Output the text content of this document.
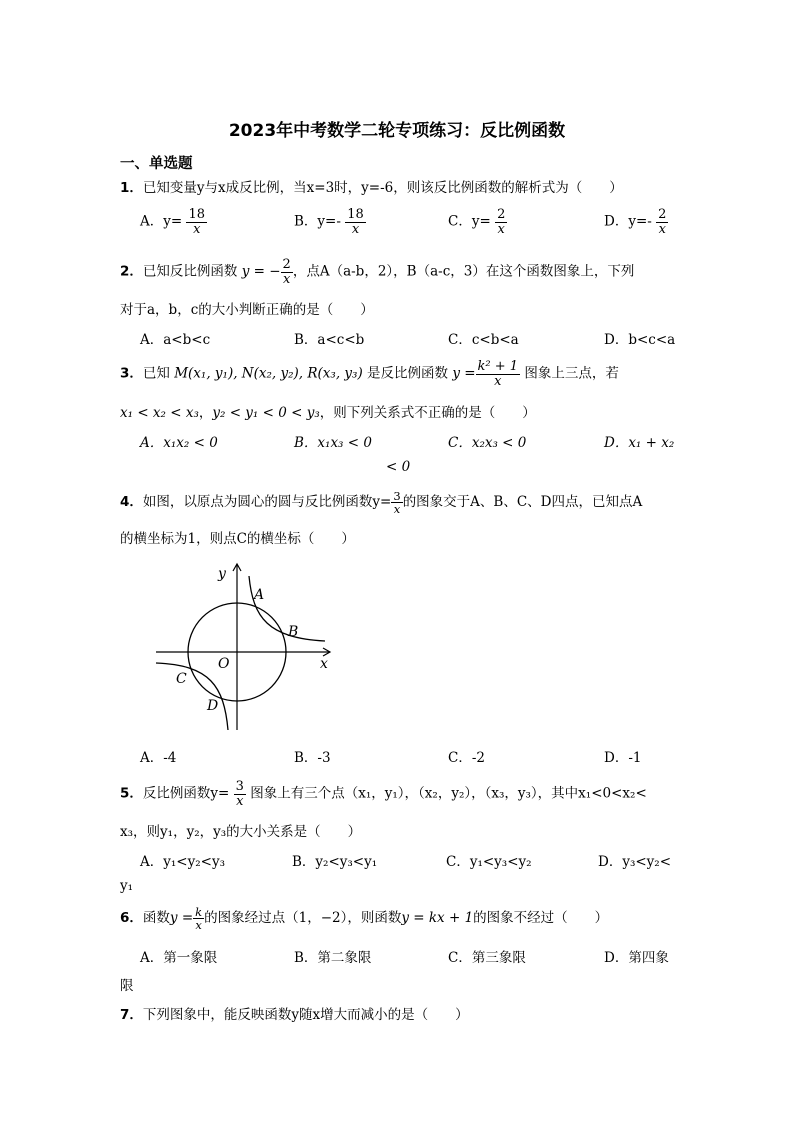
2023年中考数学二轮专项练习：反比例函数
一、单选题
1．已知变量y与x成反比例，当x=3时，y=-6，则该反比例函数的解析式为（　　）
A．$y= \frac{18}{x}$	B．$y=- \frac{18}{x}$	C．$y= \frac{2}{x}$	D．$y=- \frac{2}{x}$
2．已知反比例函数 y = − $\frac{2}{x}$ ，点A（a-b，2），B（a-c，3）在这个函数图象上，下列
对于a，b，c的大小判断正确的是（　　）
A．a<b<c	B．a<c<b	C．c<b<a	D．b<c<a
3．已知 M(x₁, y₁), N(x₂, y₂), R(x₃, y₃) 是反比例函数 $y = \frac{\text{k² + 1}}{x}$ 图象上三点，若
x₁ < x₂ < x₃，y₂ < y₁ < 0 < y₃，则下列关系式不正确的是（　　）
A．x₁x₂ < 0	B．x₁x₃ < 0	C．x₂x₃ < 0	D．x₁ + x₂
< 0
4．如图，以原点为圆心的圆与反比例函数$y= \frac{3}{x}$ 的图象交于A、B、C、D四点，已知点A
的横坐标为1，则点C的横坐标（　　）
y
x
O
A
B
C
D
A．-4	B．-3	C．-2	D．-1
5．反比例函数$y= \frac{3}{x}$ 图象上有三个点（x₁，y₁），（x₂，y₂），（x₃，y₃），其中x₁<0<x₂<
x₃，则y₁，y₂，y₃的大小关系是（　　）
A．y₁<y₂<y₃	B．y₂<y₃<y₁	C．y₁<y₃<y₂	D．y₃<y₂<
y₁
6．函数$y = \frac{k}{x}$ 的图象经过点（1，−2），则函数y = kx + 1的图象不经过（　　）
A．第一象限	B．第二象限	C．第三象限	D．第四象
限
7．下列图象中，能反映函数y随x增大而减小的是（　　）
